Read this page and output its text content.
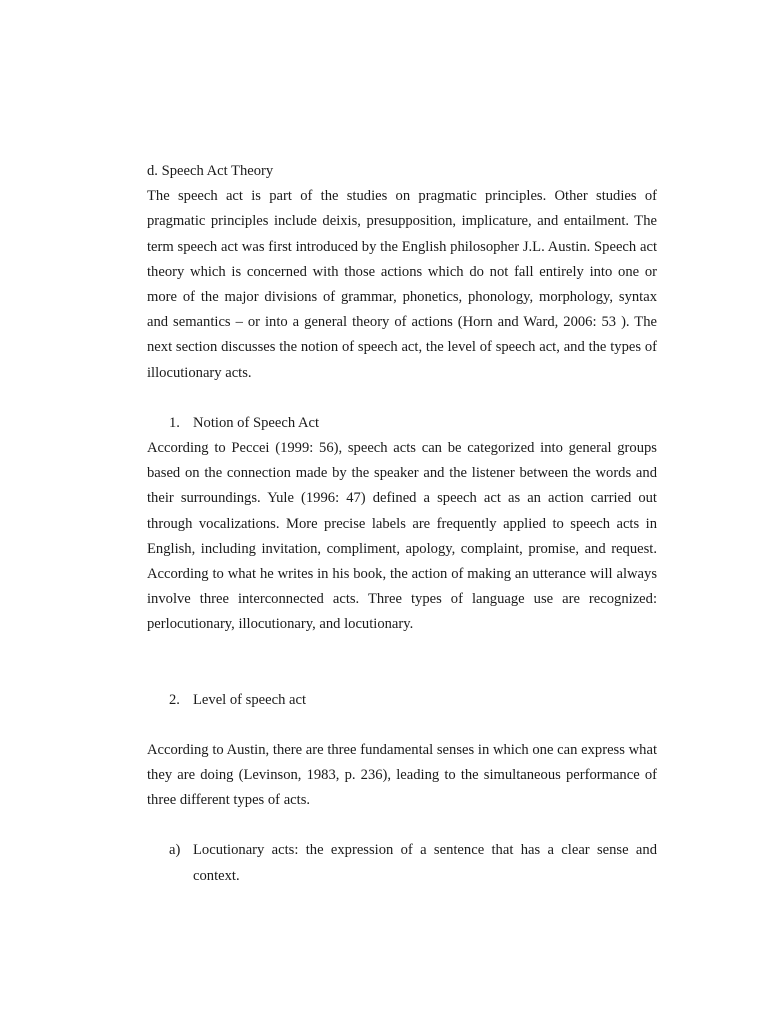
d. Speech Act Theory

The speech act is part of the studies on pragmatic principles. Other studies of pragmatic principles include deixis, presupposition, implicature, and entailment. The term speech act was first introduced by the English philosopher J.L. Austin. Speech act theory which is concerned with those actions which do not fall entirely into one or more of the major divisions of grammar, phonetics, phonology, morphology, syntax and semantics – or into a general theory of actions (Horn and Ward, 2006: 53 ). The next section discusses the notion of speech act, the level of speech act, and the types of illocutionary acts.

1. Notion of Speech Act

According to Peccei (1999: 56), speech acts can be categorized into general groups based on the connection made by the speaker and the listener between the words and their surroundings. Yule (1996: 47) defined a speech act as an action carried out through vocalizations. More precise labels are frequently applied to speech acts in English, including invitation, compliment, apology, complaint, promise, and request. According to what he writes in his book, the action of making an utterance will always involve three interconnected acts. Three types of language use are recognized: perlocutionary, illocutionary, and locutionary.

2. Level of speech act

According to Austin, there are three fundamental senses in which one can express what they are doing (Levinson, 1983, p. 236), leading to the simultaneous performance of three different types of acts.

a) Locutionary acts: the expression of a sentence that has a clear sense and context.
